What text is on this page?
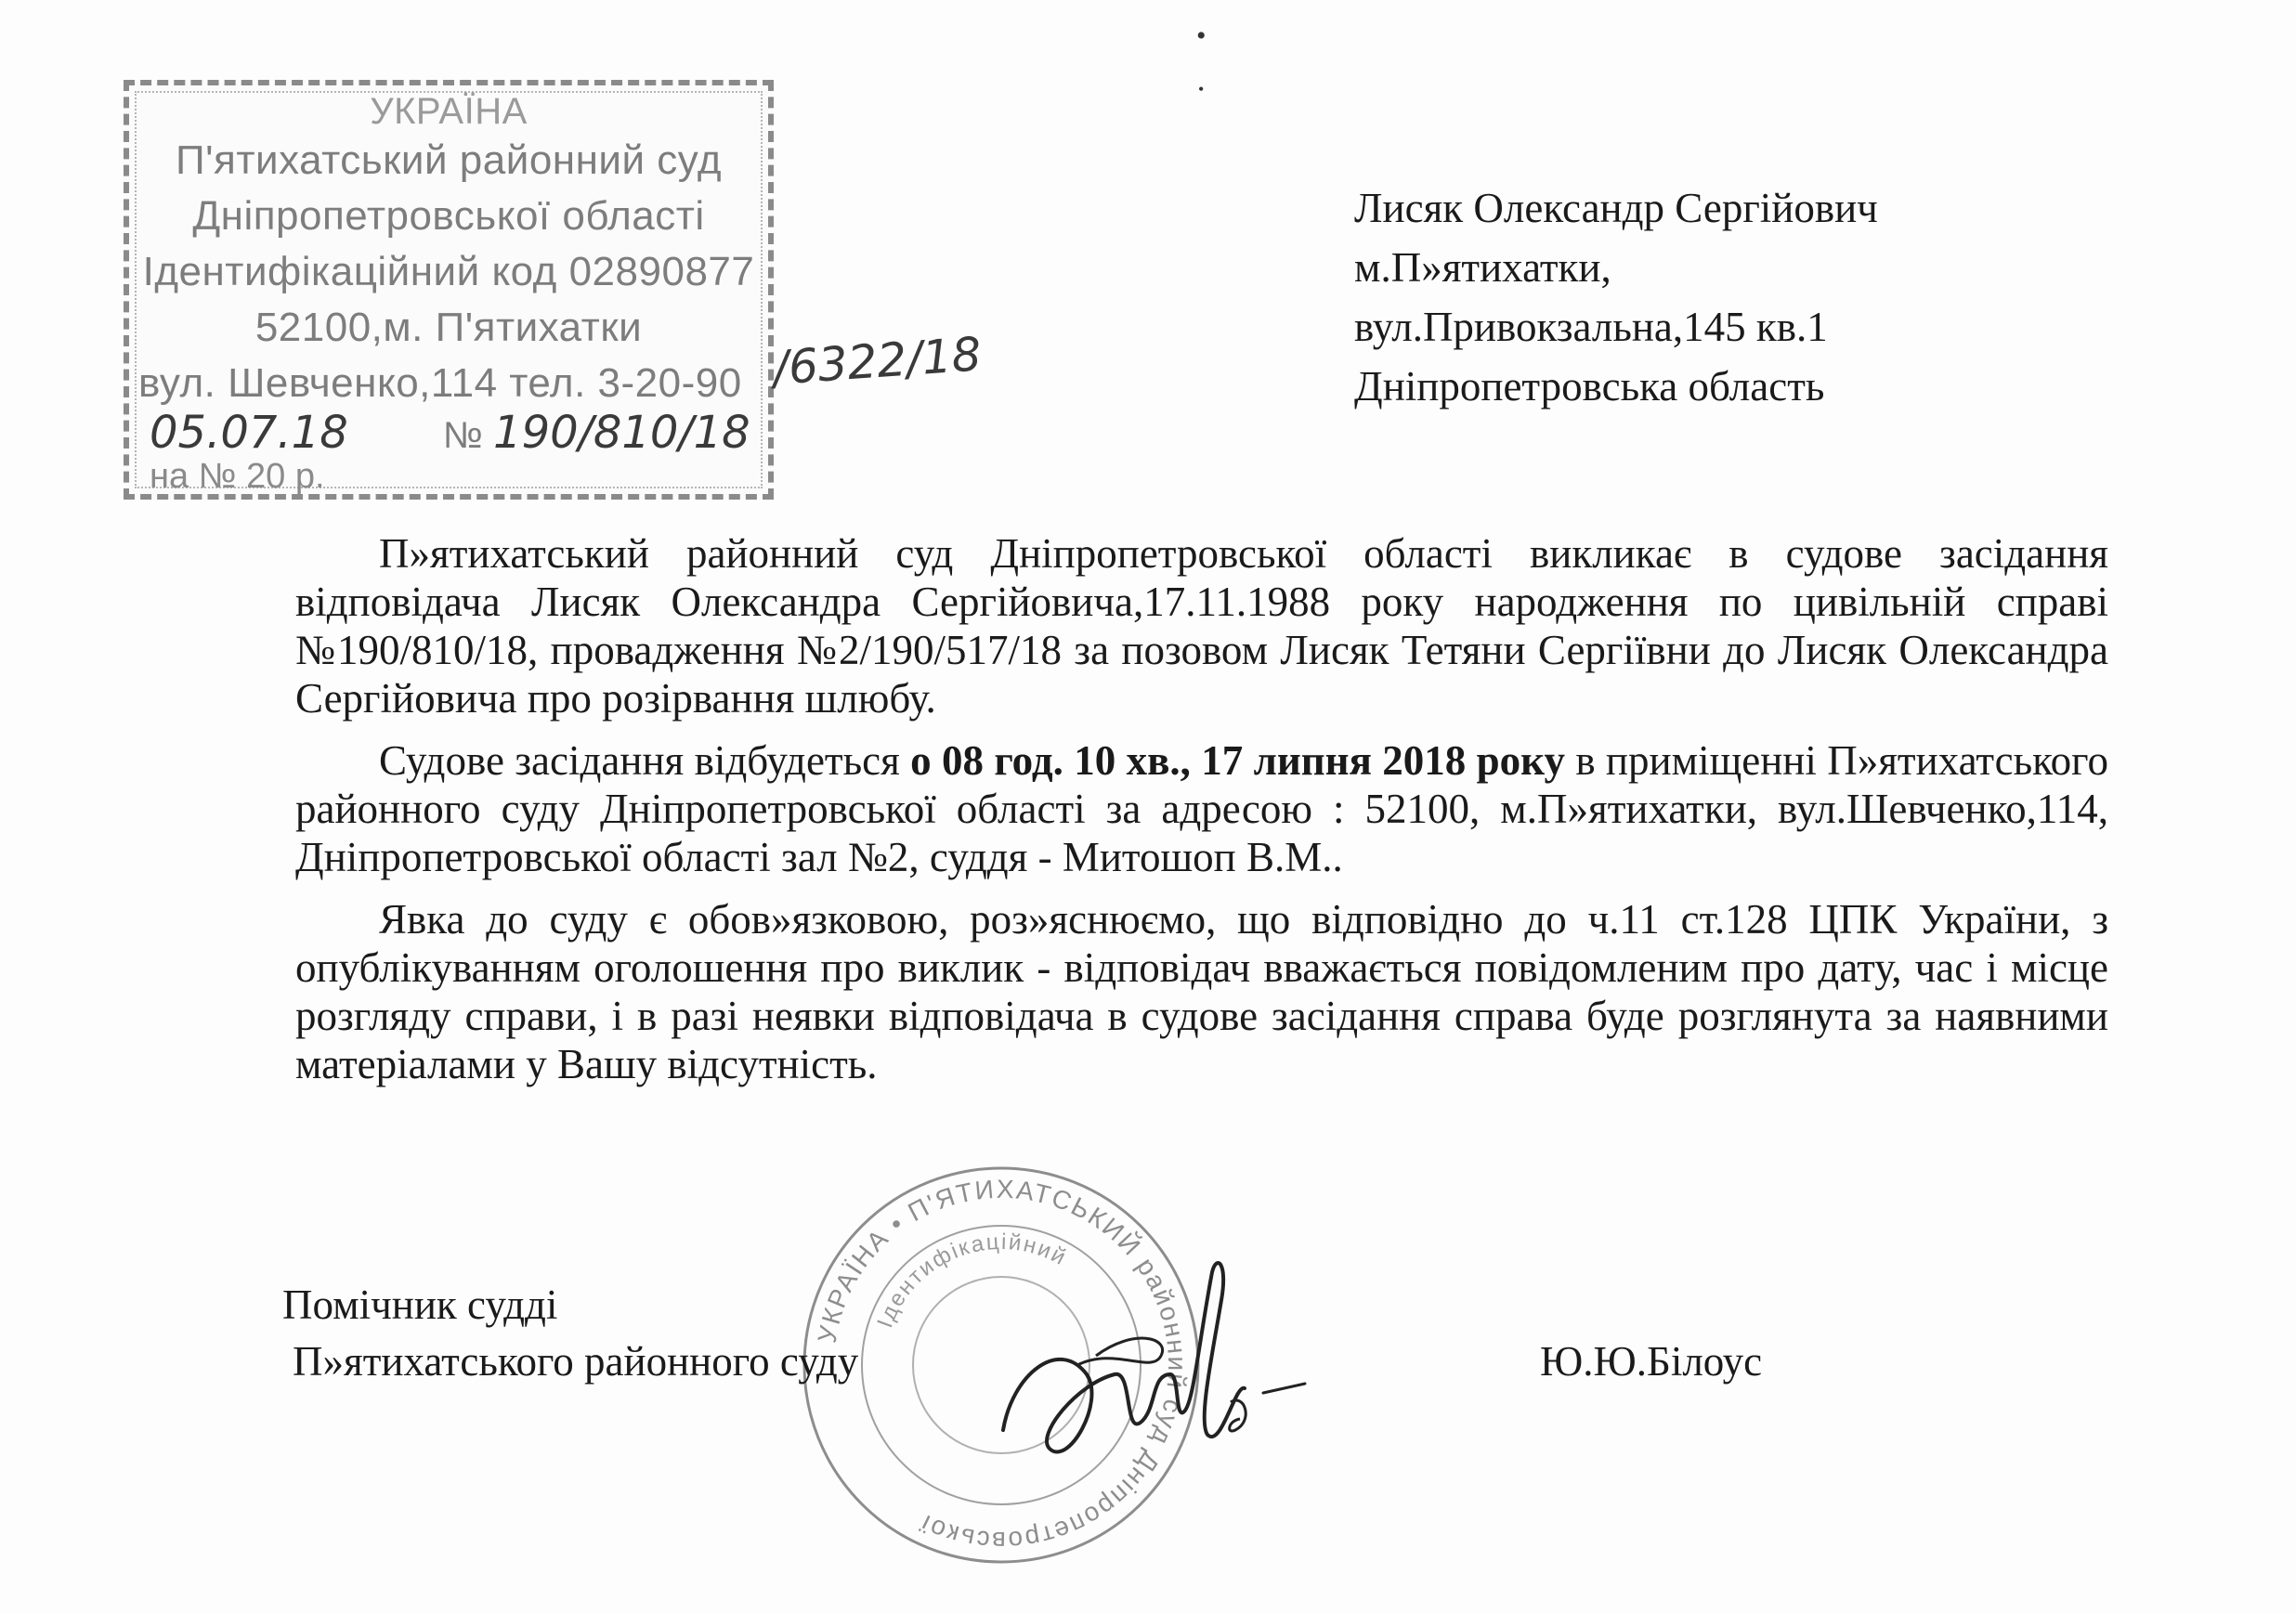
УКРАЇНА
П'ятихатський районний суд
Дніпропетровської області
Ідентифікаційний код 02890877
52100,м. П'ятихатки
вул. Шевченко,114 тел. 3-20-90
05.07.18	№ 190/810/18
на № 20 р.
/6322/18
Лисяк Олександр Сергійович
м.П»ятихатки,
вул.Привокзальна,145 кв.1
Дніпропетровська область

П»ятихатський районний суд Дніпропетровської області викликає в судове засідання відповідача Лисяк Олександра Сергійовича,17.11.1988 року народження по цивільній справі №190/810/18, провадження №2/190/517/18 за позовом Лисяк Тетяни Сергіївни до Лисяк Олександра Сергійовича про розірвання шлюбу.

Судове засідання відбудеться о 08 год. 10 хв., 17 липня 2018 року в приміщенні П»ятихатського районного суду Дніпропетровської області за адресою : 52100, м.П»ятихатки, вул.Шевченко,114, Дніпропетровської області зал №2, суддя - Митошоп В.М..

Явка до суду є обов»язковою, роз»яснюємо, що відповідно до ч.11 ст.128 ЦПК України, з опублікуванням оголошення про виклик - відповідач вважається повідомленим про дату, час і місце розгляду справи, і в разі неявки відповідача в судове засідання справа буде розглянута за наявними матеріалами у Вашу відсутність.

УКРАЇНА • П'ЯТИХАТСЬКИЙ районний суд Дніпропетровської
Ідентифікаційний
Помічник судді
П»ятихатського районного суду	Ю.Ю.Білоус
•
•
